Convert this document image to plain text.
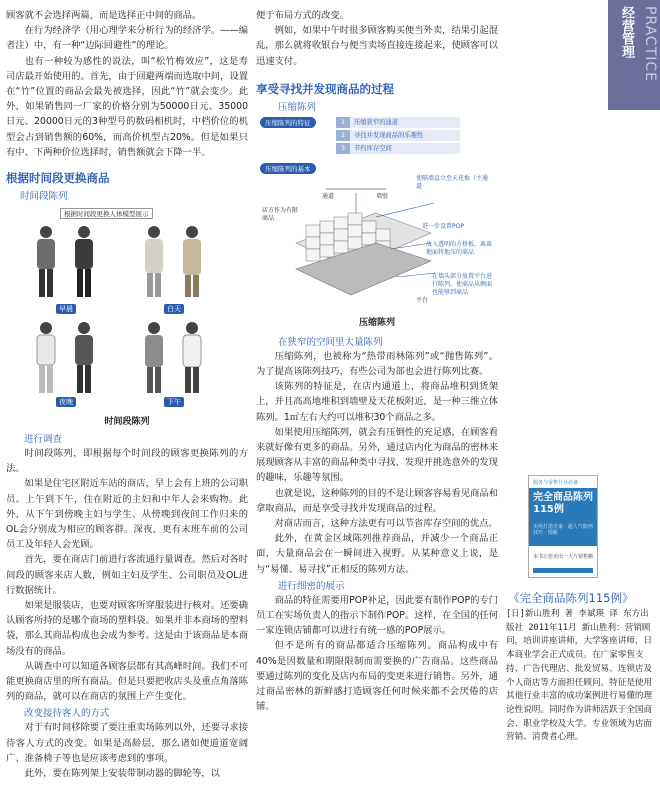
顾客就不会选择两篇，而是选择正中间的商品。

在行为经济学（用心理学来分析行为的经济学。——编者注）中，有一种“边际回避性”的理论。

也有一种较为感性的说法，叫“松竹梅效应”，这是寿司店最开始使用的。首先，由于回避两端而选取中间，设置在“竹”位置的商品会最先被选择，因此“竹”就会变少。此外，如果销售同一厂家的价格分别为50000日元、35000日元、20000日元的3种型号的数码相机时，中档价位的机型会占到销售额的60%，而高价机型占20%。但是如果只有中、下两种价位选择时，销售额就会下降一半。

根据时间段更换商品
时间段陈列
根据时间段更换人体模型展示
早晨	白天
夜晚	下午
时间段陈列
进行调查

时间段陈列，即根据每个时间段的顾客更换陈列的方法。

如果是住宅区附近车站的商店，早上会有上班的公司职员。上午到下午，住在附近的主妇和中年人会来购物。此外，从下午到傍晚主妇与学生、从傍晚到夜间工作归来的OL会分别成为相应的顾客群。深夜，更有末班车前的公司员工及年轻人会光顾。

首先，要在商店门前进行客流通行量调查。然后对各时间段的顾客来店人数，例如主妇及学生、公司职员及OL进行数据统计。

如果是服装店，也要对顾客所穿服装进行核对。还要确认顾客所持的是哪个商场的塑料袋。如果并非本商场的塑料袋，那么其商品构成也会成为参考。这是由于该商品是本商场没有的商品。

从调查中可以知道各顾客层都有其高峰时间。我们不可能更换商店里的所有商品。但是只要把收店头及重点角落陈列的商品，就可以在商店的氛围上产生变化。

改变接待客人的方式

对于有时间移除要了要注重卖场陈列以外，还要寻求接待客人方式的改变。如果是高龄层，那么诸如便道道宽阔广、准备椅子等也是应该考虑到的事项。

此外，要在陈列架上安装带制动器的脚轮等，以

便于布局方式的改变。

例如，如果中午时很多顾客购买便当外卖，结果引起混乱，那么就将收银台与便当卖场直接连接起来，使顾客可以迅速支付。

享受寻找并发现商品的过程
压缩陈列
压缩陈列的特征	1	压缩狭窄的通道
2	寻找并发现商品的乐趣性
3	节约库存空间
压缩陈列的基本
通道	墙壁
使隔墙直立至天花板（主通道
店方作为有限商品
进一步设置POP
放入透明的方格板，离离地面将地压的商品
在墙头部分放置平台进行陈列，使商品从侧面也能够到商品
平台
压缩陈列
在狭窄的空间里大量陈列

压缩陈列，也被称为“热带雨林陈列”或“抛售陈列”。为了提高该陈列技巧，有些公司为部也会进行陈列比赛。

该陈列的特征是，在店内通道上，将商品堆积到货架上，并且高高地堆积到墙壁及天花板附近，是一种三维立体陈列。1㎡左右大约可以堆积30个商品之多。

如果使用压缩陈列，就会有压倒性的充足感，在顾客看来就好像有更多的商品。另外，通过店内化为商品的密林来展现顾客从丰富的商品种类中寻找、发现并挑选意外的发现的趣味，乐趣等氛围。

也就是说，这种陈列的目的不是让顾客容易看见商品和拿取商品，而是享受寻找并发现商品的过程。

对商店而言，这种方法更有可以节省库存空间的优点。

此外，在黄金区域陈列推荐商品，并减少一个商品正面，大量商品会在一瞬间进入视野。从某种意义上说，是与“易懂、易寻找”正相反的陈列方法。

进行细密的展示

商品的特征需要用POP补足，因此要有制作POP的专门员工在实场负责人的指示下制作POP。这样，在全国的任何一家连锁店铺都可以进行有统一感的POP展示。

但不是所有的商品都适合压缩陈列。商品构成中有40%是因数量和期限限制而需要换的广告商品。这些商品要通过陈列的变化及店内布局的变更来进行销售。另外，通过商品密林的新鲜感打造顾客任何时候来都不会厌倦的店铺。

PRACTICE
经营管理
服务与零售行业必备
完全商品陈列115例
卖场打造专家 · 超人气陈列技巧 · 图解
本书让您卖出一大片销售额
《完全商品陈列115例》
[日]新山胜利 著 李斌瑛 译 东方出版社 2011年11月 新山胜利：营销顾问，培训讲座讲师，大学客座讲师，日本商业学会正式成员。在广家零售支持、广告代理店、批发贸易、连锁店及个人商店等方面担任顾问。特征是使用其他行业丰富的成功案例进行易懂的理论性说明。同时作为讲师活跃于全国商会、职业学校及大学。专业领域为店面营销、消费者心理。
